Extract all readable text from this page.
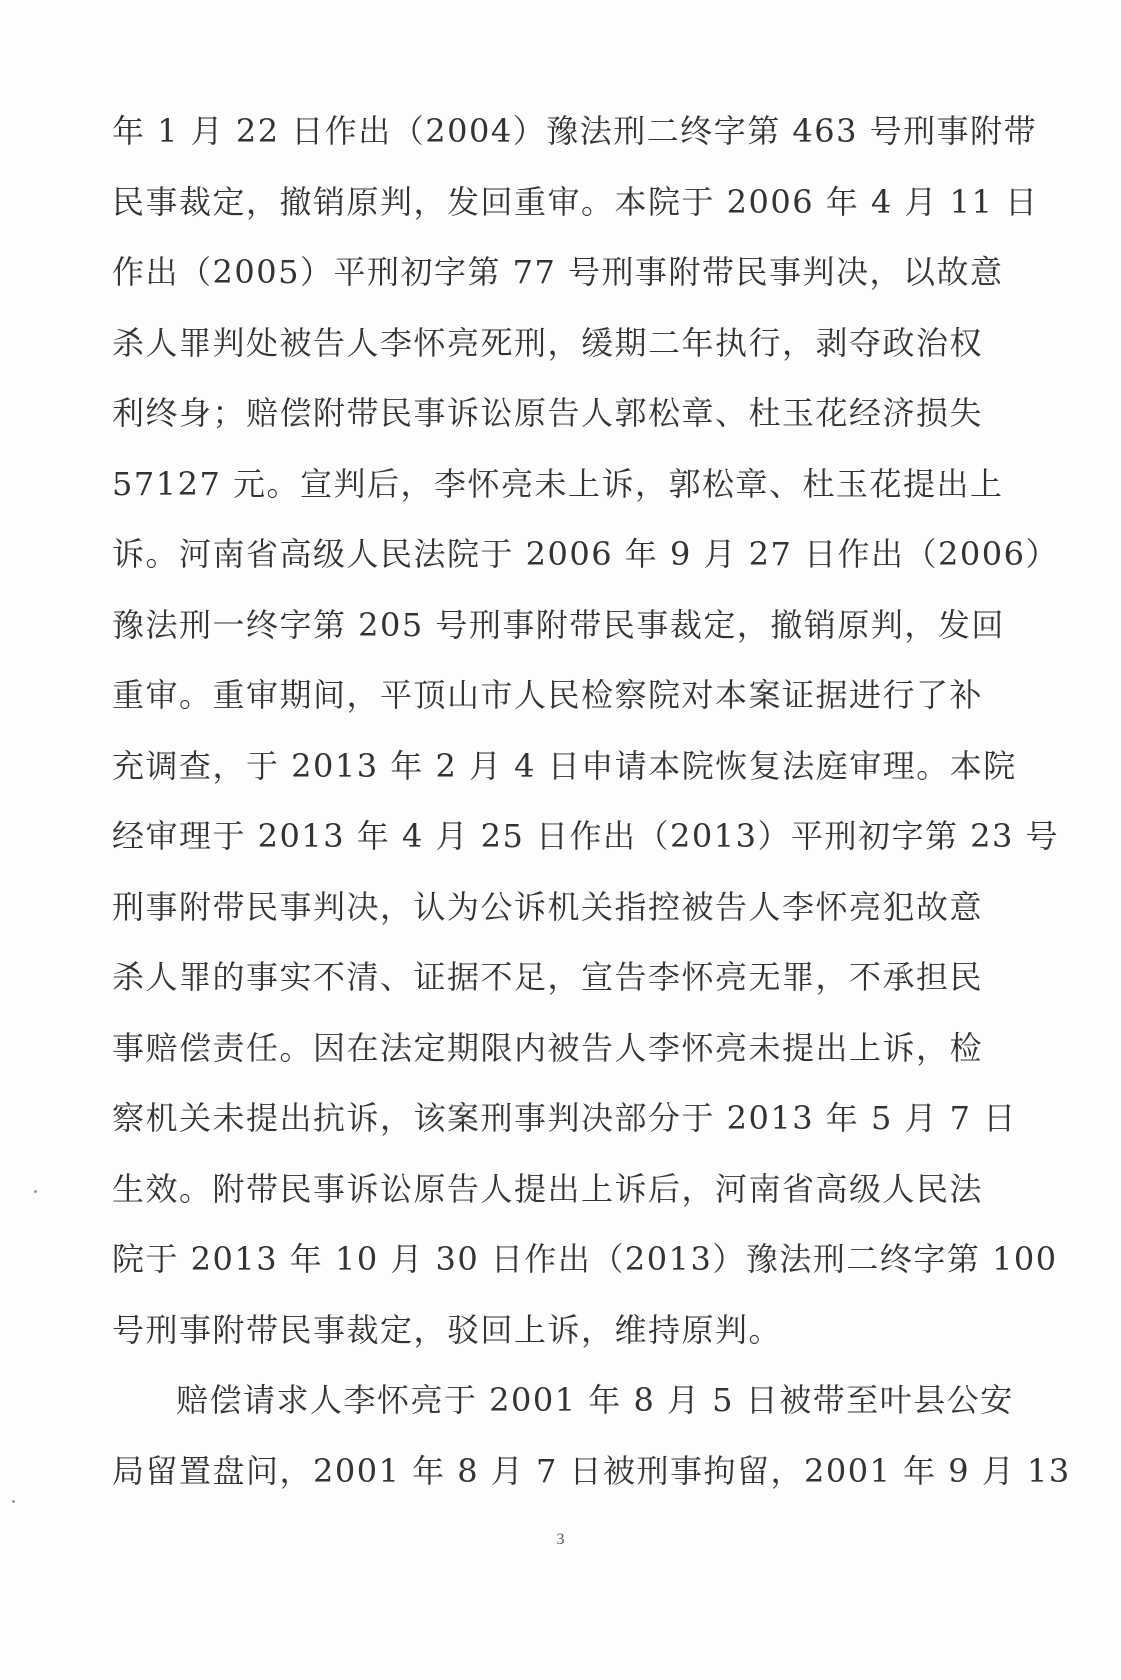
年 1 月 22 日作出（2004）豫法刑二终字第 463 号刑事附带
民事裁定，撤销原判，发回重审。本院于 2006 年 4 月 11 日
作出（2005）平刑初字第 77 号刑事附带民事判决，以故意
杀人罪判处被告人李怀亮死刑，缓期二年执行，剥夺政治权
利终身；赔偿附带民事诉讼原告人郭松章、杜玉花经济损失
57127 元。宣判后，李怀亮未上诉，郭松章、杜玉花提出上
诉。河南省高级人民法院于 2006 年 9 月 27 日作出（2006）
豫法刑一终字第 205 号刑事附带民事裁定，撤销原判，发回
重审。重审期间，平顶山市人民检察院对本案证据进行了补
充调查，于 2013 年 2 月 4 日申请本院恢复法庭审理。本院
经审理于 2013 年 4 月 25 日作出（2013）平刑初字第 23 号
刑事附带民事判决，认为公诉机关指控被告人李怀亮犯故意
杀人罪的事实不清、证据不足，宣告李怀亮无罪，不承担民
事赔偿责任。因在法定期限内被告人李怀亮未提出上诉，检
察机关未提出抗诉，该案刑事判决部分于 2013 年 5 月 7 日
生效。附带民事诉讼原告人提出上诉后，河南省高级人民法
院于 2013 年 10 月 30 日作出（2013）豫法刑二终字第 100
号刑事附带民事裁定，驳回上诉，维持原判。
赔偿请求人李怀亮于 2001 年 8 月 5 日被带至叶县公安
局留置盘问，2001 年 8 月 7 日被刑事拘留，2001 年 9 月 13
3
